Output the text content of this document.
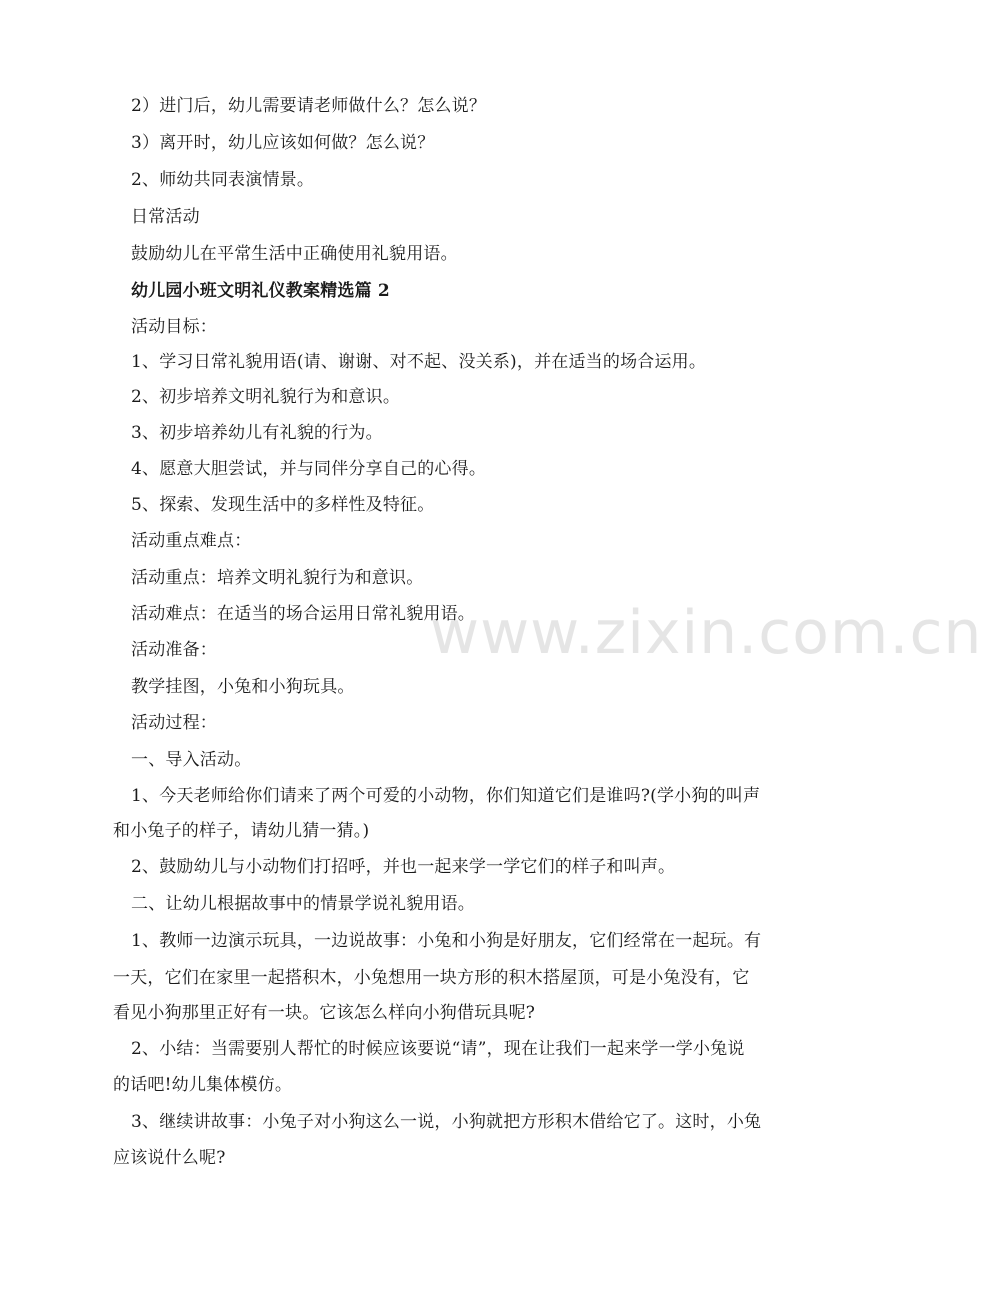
2）进门后，幼儿需要请老师做什么？怎么说？
3）离开时，幼儿应该如何做？怎么说？
2、师幼共同表演情景。
日常活动
鼓励幼儿在平常生活中正确使用礼貌用语。
幼儿园小班文明礼仪教案精选篇 2
活动目标：
1、学习日常礼貌用语(请、谢谢、对不起、没关系)，并在适当的场合运用。
2、初步培养文明礼貌行为和意识。
3、初步培养幼儿有礼貌的行为。
4、愿意大胆尝试，并与同伴分享自己的心得。
5、探索、发现生活中的多样性及特征。
活动重点难点：
活动重点：培养文明礼貌行为和意识。
活动难点：在适当的场合运用日常礼貌用语。
活动准备：
教学挂图，小兔和小狗玩具。
活动过程：
一、导入活动。
1、今天老师给你们请来了两个可爱的小动物，你们知道它们是谁吗?(学小狗的叫声
和小兔子的样子，请幼儿猜一猜。)
2、鼓励幼儿与小动物们打招呼，并也一起来学一学它们的样子和叫声。
二、让幼儿根据故事中的情景学说礼貌用语。
1、教师一边演示玩具，一边说故事：小兔和小狗是好朋友，它们经常在一起玩。有
一天，它们在家里一起搭积木，小兔想用一块方形的积木搭屋顶，可是小兔没有，它
看见小狗那里正好有一块。它该怎么样向小狗借玩具呢?
2、小结：当需要别人帮忙的时候应该要说“请”，现在让我们一起来学一学小兔说
的话吧!幼儿集体模仿。
3、继续讲故事：小兔子对小狗这么一说，小狗就把方形积木借给它了。这时，小兔
应该说什么呢?
www.zixin.com.cn
